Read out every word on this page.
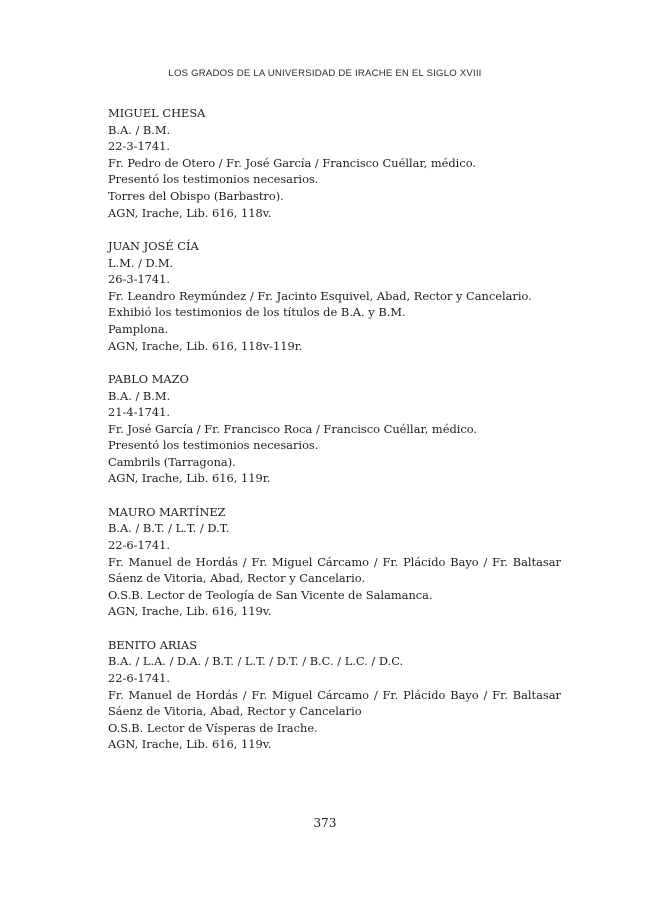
LOS GRADOS DE LA UNIVERSIDAD DE IRACHE EN EL SIGLO XVIII
MIGUEL CHESA
B.A. / B.M.
22-3-1741.
Fr. Pedro de Otero / Fr. José García / Francisco Cuéllar, médico.
Presentó los testimonios necesarios.
Torres del Obispo (Barbastro).
AGN, Irache, Lib. 616, 118v.
JUAN JOSÉ CÍA
L.M. / D.M.
26-3-1741.
Fr. Leandro Reymúndez / Fr. Jacinto Esquivel, Abad, Rector y Cancelario.
Exhibió los testimonios de los títulos de B.A. y B.M.
Pamplona.
AGN, Irache, Lib. 616, 118v-119r.
PABLO MAZO
B.A. / B.M.
21-4-1741.
Fr. José García / Fr. Francisco Roca / Francisco Cuéllar, médico.
Presentó los testimonios necesarios.
Cambrils (Tarragona).
AGN, Irache, Lib. 616, 119r.
MAURO MARTÍNEZ
B.A. / B.T. / L.T. / D.T.
22-6-1741.
Fr. Manuel de Hordás / Fr. Miguel Cárcamo / Fr. Plácido Bayo / Fr. Baltasar
Sáenz de Vitoria, Abad, Rector y Cancelario.
O.S.B. Lector de Teología de San Vicente de Salamanca.
AGN, Irache, Lib. 616, 119v.
BENITO ARIAS
B.A. / L.A. / D.A. / B.T. / L.T. / D.T. / B.C. / L.C. / D.C.
22-6-1741.
Fr. Manuel de Hordás / Fr. Miguel Cárcamo / Fr. Plácido Bayo / Fr. Baltasar
Sáenz de Vitoria, Abad, Rector y Cancelario
O.S.B. Lector de Vísperas de Irache.
AGN, Irache, Lib. 616, 119v.
373
